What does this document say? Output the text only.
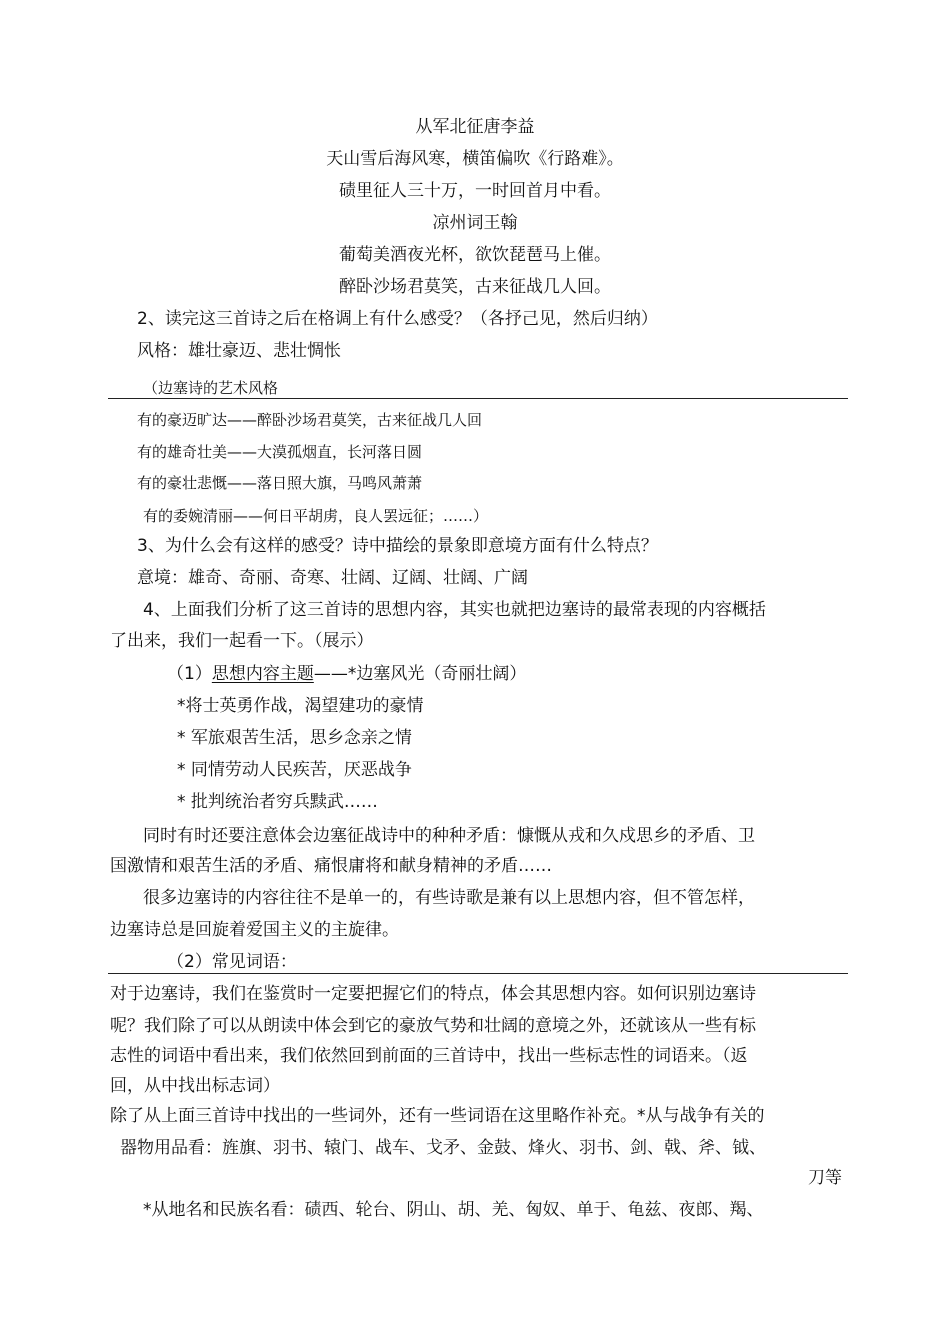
从军北征唐李益
天山雪后海风寒，横笛偏吹《行路难》。
碛里征人三十万，一时回首月中看。
凉州词王翰
葡萄美酒夜光杯，欲饮琵琶马上催。
醉卧沙场君莫笑，古来征战几人回。
2、读完这三首诗之后在格调上有什么感受？（各抒己见，然后归纳）
风格：雄壮豪迈、悲壮惆怅
（边塞诗的艺术风格
有的豪迈旷达——醉卧沙场君莫笑，古来征战几人回
有的雄奇壮美——大漠孤烟直，长河落日圆
有的豪壮悲慨——落日照大旗，马鸣风萧萧
有的委婉清丽——何日平胡虏，良人罢远征；……）
3、为什么会有这样的感受？诗中描绘的景象即意境方面有什么特点？
意境：雄奇、奇丽、奇寒、壮阔、辽阔、壮阔、广阔
4、上面我们分析了这三首诗的思想内容，其实也就把边塞诗的最常表现的内容概括
了出来，我们一起看一下。（展示）
（1）思想内容主题——*边塞风光（奇丽壮阔）
*将士英勇作战，渴望建功的豪情
* 军旅艰苦生活，思乡念亲之情
* 同情劳动人民疾苦，厌恶战争
* 批判统治者穷兵黩武……
同时有时还要注意体会边塞征战诗中的种种矛盾：慷慨从戎和久戍思乡的矛盾、卫
国激情和艰苦生活的矛盾、痛恨庸将和献身精神的矛盾……
很多边塞诗的内容往往不是单一的，有些诗歌是兼有以上思想内容，但不管怎样，
边塞诗总是回旋着爱国主义的主旋律。
（2）常见词语：
对于边塞诗，我们在鉴赏时一定要把握它们的特点，体会其思想内容。如何识别边塞诗
呢？我们除了可以从朗读中体会到它的豪放气势和壮阔的意境之外，还就该从一些有标
志性的词语中看出来，我们依然回到前面的三首诗中，找出一些标志性的词语来。（返
回，从中找出标志词）
除了从上面三首诗中找出的一些词外，还有一些词语在这里略作补充。*从与战争有关的
器物用品看：旌旗、羽书、辕门、战车、戈矛、金鼓、烽火、羽书、剑、戟、斧、钺、
刀等
*从地名和民族名看：碛西、轮台、阴山、胡、羌、匈奴、单于、龟兹、夜郎、羯、
